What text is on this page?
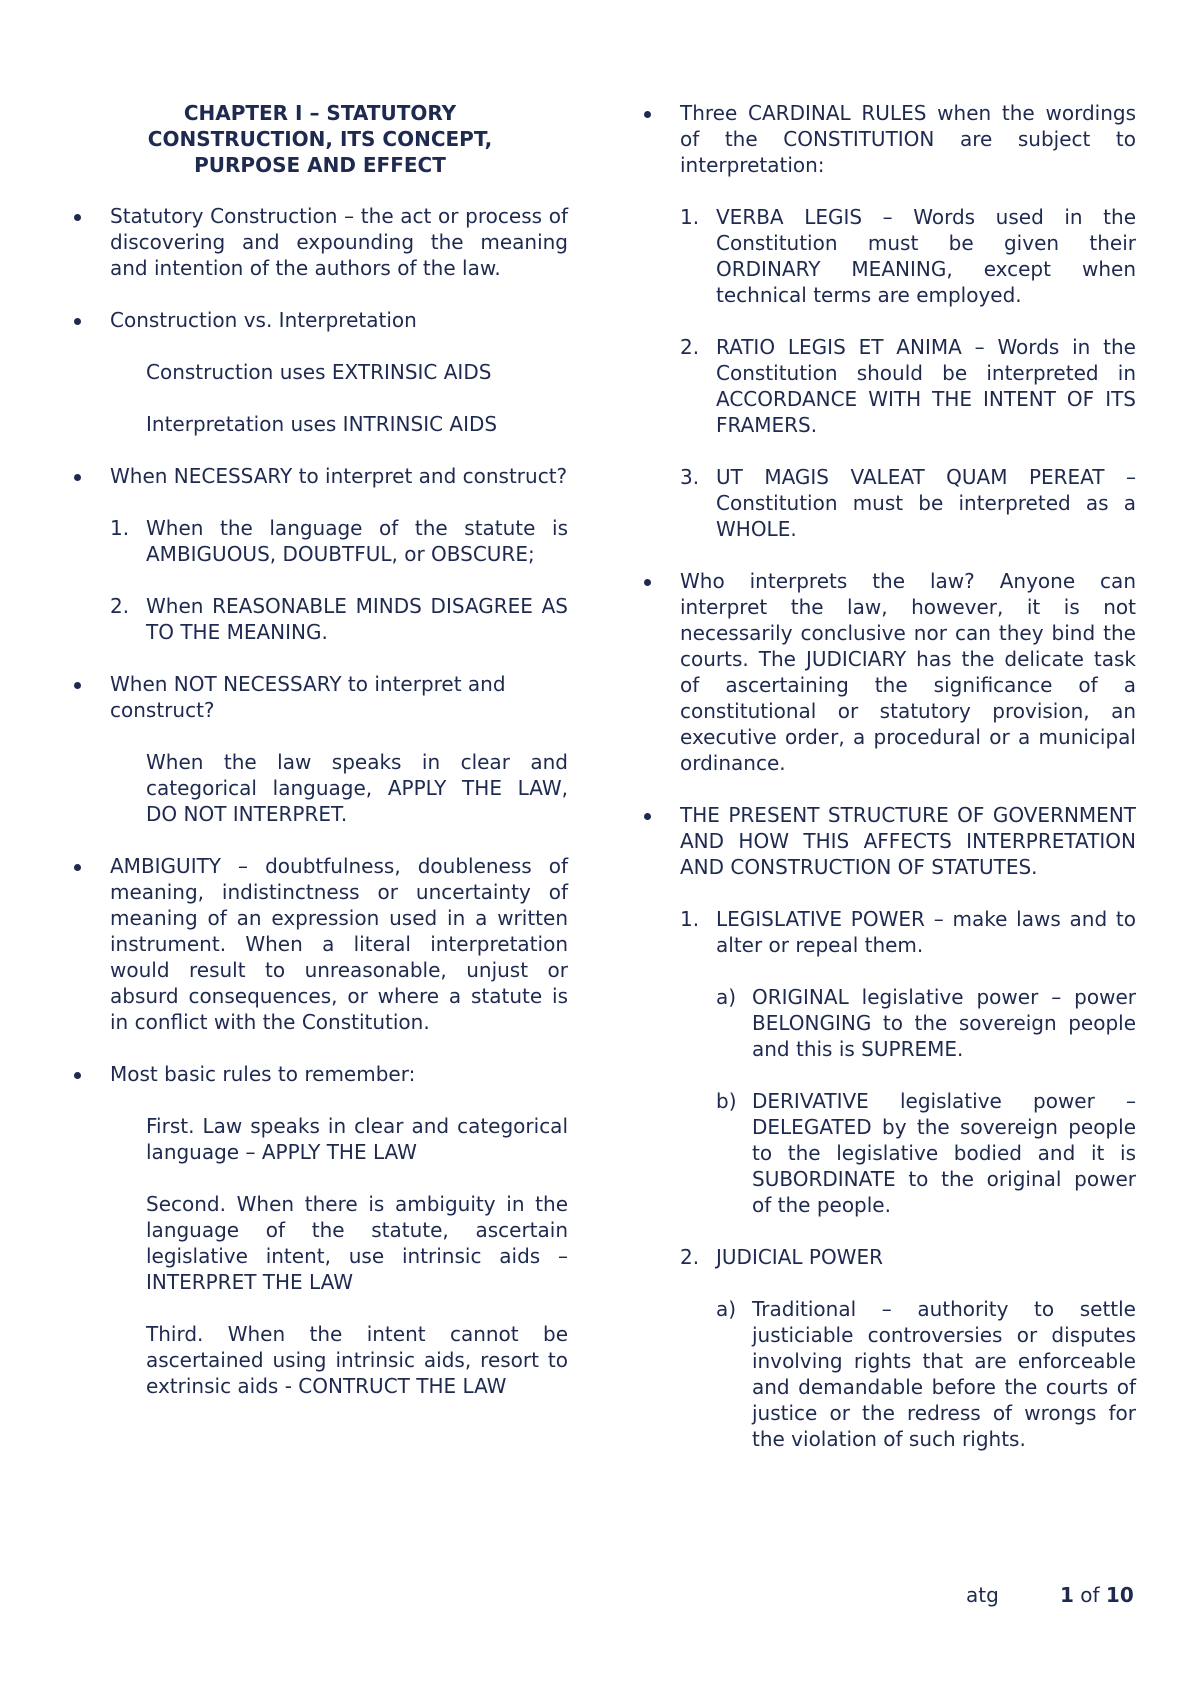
CHAPTER I – STATUTORY
CONSTRUCTION, ITS CONCEPT,
PURPOSE AND EFFECT
Statutory Construction – the act or process of discovering and expounding the meaning and intention of the authors of the law.
Construction vs. Interpretation

Construction uses EXTRINSIC AIDS

Interpretation uses INTRINSIC AIDS

When NECESSARY to interpret and construct?
1. When the language of the statute is AMBIGUOUS, DOUBTFUL, or OBSCURE;
2. When REASONABLE MINDS DISAGREE AS TO THE MEANING.
When NOT NECESSARY to interpret and construct?

When the law speaks in clear and categorical language, APPLY THE LAW, DO NOT INTERPRET.

AMBIGUITY – doubtfulness, doubleness of meaning, indistinctness or uncertainty of meaning of an expression used in a written instrument. When a literal interpretation would result to unreasonable, unjust or absurd consequences, or where a statute is in conflict with the Constitution.
Most basic rules to remember:

First. Law speaks in clear and categorical language – APPLY THE LAW

Second. When there is ambiguity in the language of the statute, ascertain legislative intent, use intrinsic aids – INTERPRET THE LAW

Third. When the intent cannot be ascertained using intrinsic aids, resort to extrinsic aids - CONTRUCT THE LAW

Three CARDINAL RULES when the wordings of the CONSTITUTION are subject to interpretation:
1. VERBA LEGIS – Words used in the Constitution must be given their ORDINARY MEANING, except when technical terms are employed.
2. RATIO LEGIS ET ANIMA – Words in the Constitution should be interpreted in ACCORDANCE WITH THE INTENT OF ITS FRAMERS.
3. UT MAGIS VALEAT QUAM PEREAT – Constitution must be interpreted as a WHOLE.
Who interprets the law? Anyone can interpret the law, however, it is not necessarily conclusive nor can they bind the courts. The JUDICIARY has the delicate task of ascertaining the significance of a constitutional or statutory provision, an executive order, a procedural or a municipal ordinance.
THE PRESENT STRUCTURE OF GOVERNMENT AND HOW THIS AFFECTS INTERPRETATION AND CONSTRUCTION OF STATUTES.
1. LEGISLATIVE POWER – make laws and to alter or repeal them.
a) ORIGINAL legislative power – power BELONGING to the sovereign people and this is SUPREME.
b) DERIVATIVE legislative power – DELEGATED by the sovereign people to the legislative bodied and it is SUBORDINATE to the original power of the people.
2. JUDICIAL POWER
a) Traditional – authority to settle justiciable controversies or disputes involving rights that are enforceable and demandable before the courts of justice or the redress of wrongs for the violation of such rights.
atg	1 of 10
